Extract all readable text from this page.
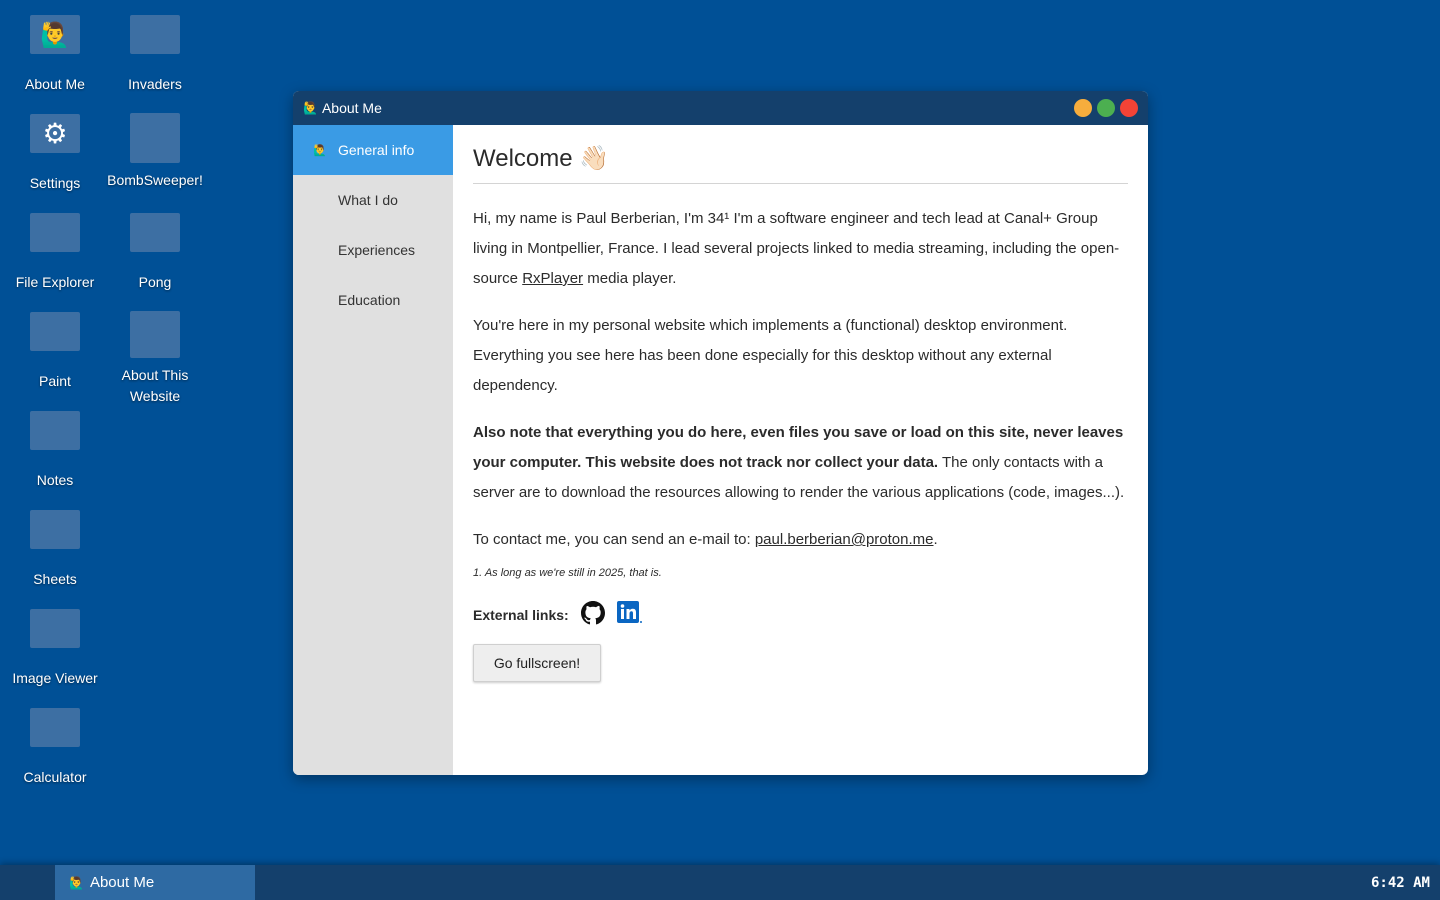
🙋‍♂
About Me
⚙
Settings
File Explorer
Paint
Notes
Sheets
Image Viewer
Calculator
Invaders
BombSweeper!
Pong
About This Website
🙋‍♂ About Me
🙋‍♂ General info
What I do
Experiences
Education
Welcome 👋🏻

Hi, my name is Paul Berberian, I'm 34¹ I'm a software engineer and tech lead at Canal+ Group living in Montpellier, France. I lead several projects linked to media streaming, including the open-source RxPlayer media player.

You're here in my personal website which implements a (functional) desktop environment. Everything you see here has been done especially for this desktop without any external dependency.

Also note that everything you do here, even files you save or load on this site, never leaves your computer. This website does not track nor collect your data. The only contacts with a server are to download the resources allowing to render the various applications (code, images...).

To contact me, you can send an e-mail to: paul.berberian@proton.me.

1. As long as we're still in 2025, that is.
External links:
Go fullscreen!
🙋‍♂ About Me	6:42 AM
